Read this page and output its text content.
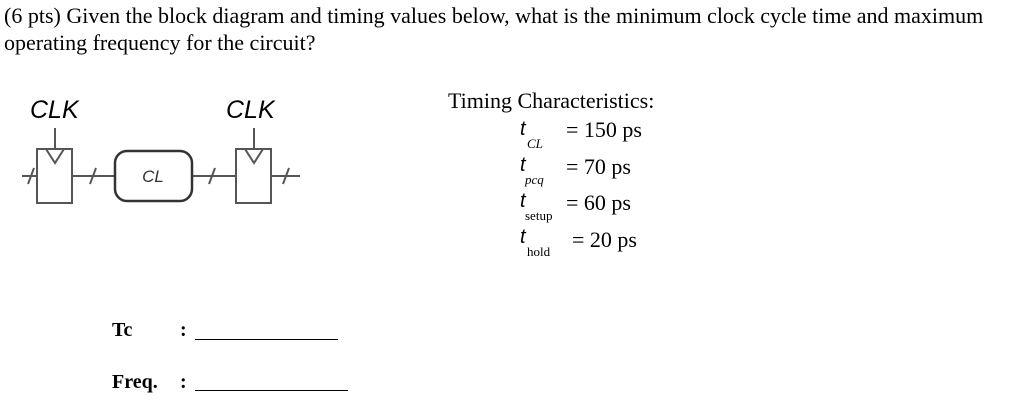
(6 pts) Given the block diagram and timing values below, what is the minimum clock cycle time and maximum operating frequency for the circuit?
CL
CLK	CLK	Timing Characteristics:
t
CL
= 150 ps
t
pcq
= 70 ps
t
setup
= 60 ps
t
hold = 20 ps
Tc :
Freq. :
